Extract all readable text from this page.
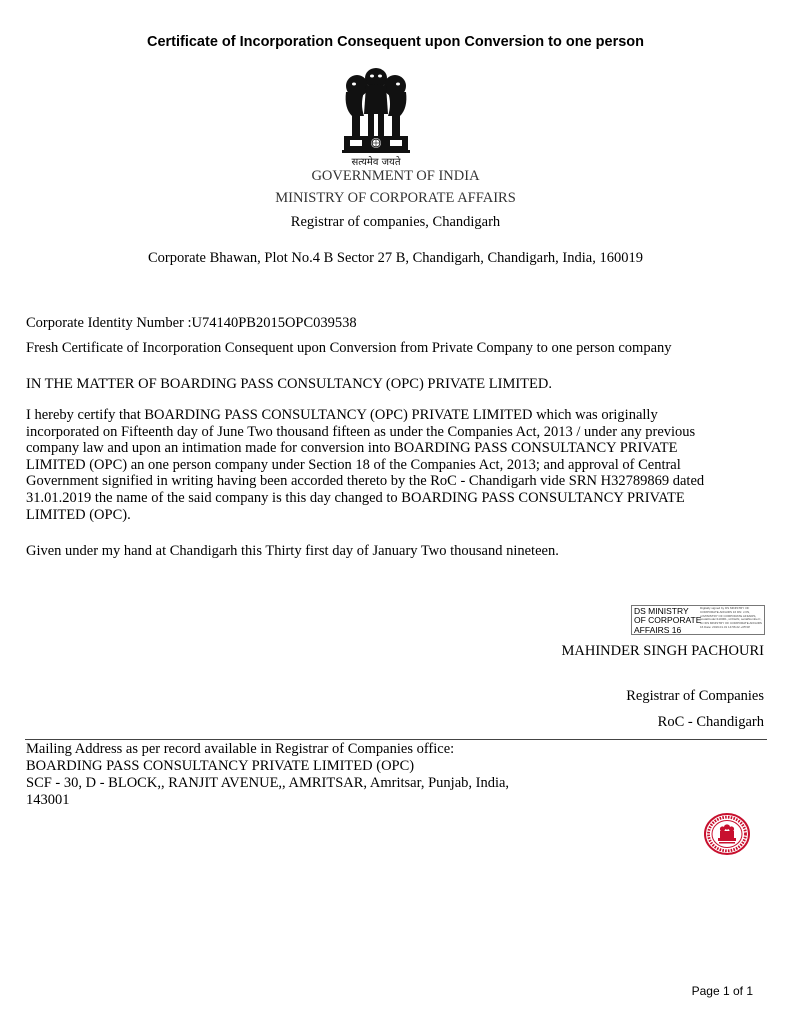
Certificate of Incorporation Consequent upon Conversion to one person
सत्यमेव जयते
GOVERNMENT OF INDIA
MINISTRY OF CORPORATE AFFAIRS
Registrar of companies, Chandigarh
Corporate Bhawan, Plot No.4 B Sector 27 B, Chandigarh, Chandigarh, India, 160019
Corporate Identity Number :U74140PB2015OPC039538
Fresh Certificate of Incorporation Consequent upon Conversion from Private Company to one person company
IN THE MATTER OF BOARDING PASS CONSULTANCY (OPC) PRIVATE LIMITED.
I hereby certify that BOARDING PASS CONSULTANCY (OPC) PRIVATE LIMITED which was originally
incorporated on Fifteenth day of June Two thousand fifteen as under the Companies Act, 2013 / under any previous
company law and upon an intimation made for conversion into BOARDING PASS CONSULTANCY PRIVATE
LIMITED (OPC) an one person company under Section 18 of the Companies Act, 2013; and approval of Central
Government signified in writing having been accorded thereto by the RoC - Chandigarh vide SRN H32789869 dated
31.01.2019 the name of the said company is this day changed to BOARDING PASS CONSULTANCY PRIVATE
LIMITED (OPC).
Given under my hand at Chandigarh this Thirty first day of January Two thousand nineteen.
DS MINISTRY
OF CORPORATE
AFFAIRS 16
Digitally signed by DS MINISTRY OF CORPORATE AFFAIRS 16 DN: c=IN, o=MINISTRY OF CORPORATE AFFAIRS, postalCode=110001, st=Delhi, serialNumber=, cn=DS MINISTRY OF CORPORATE AFFAIRS 16 Date: 2019.01.31 14:56:22 +05'30'
MAHINDER SINGH PACHOURI
Registrar of Companies
RoC - Chandigarh
Mailing Address as per record available in Registrar of Companies office:
BOARDING PASS CONSULTANCY PRIVATE LIMITED (OPC)
SCF - 30, D - BLOCK,, RANJIT AVENUE,, AMRITSAR, Amritsar, Punjab, India,
143001
Page 1 of 1
